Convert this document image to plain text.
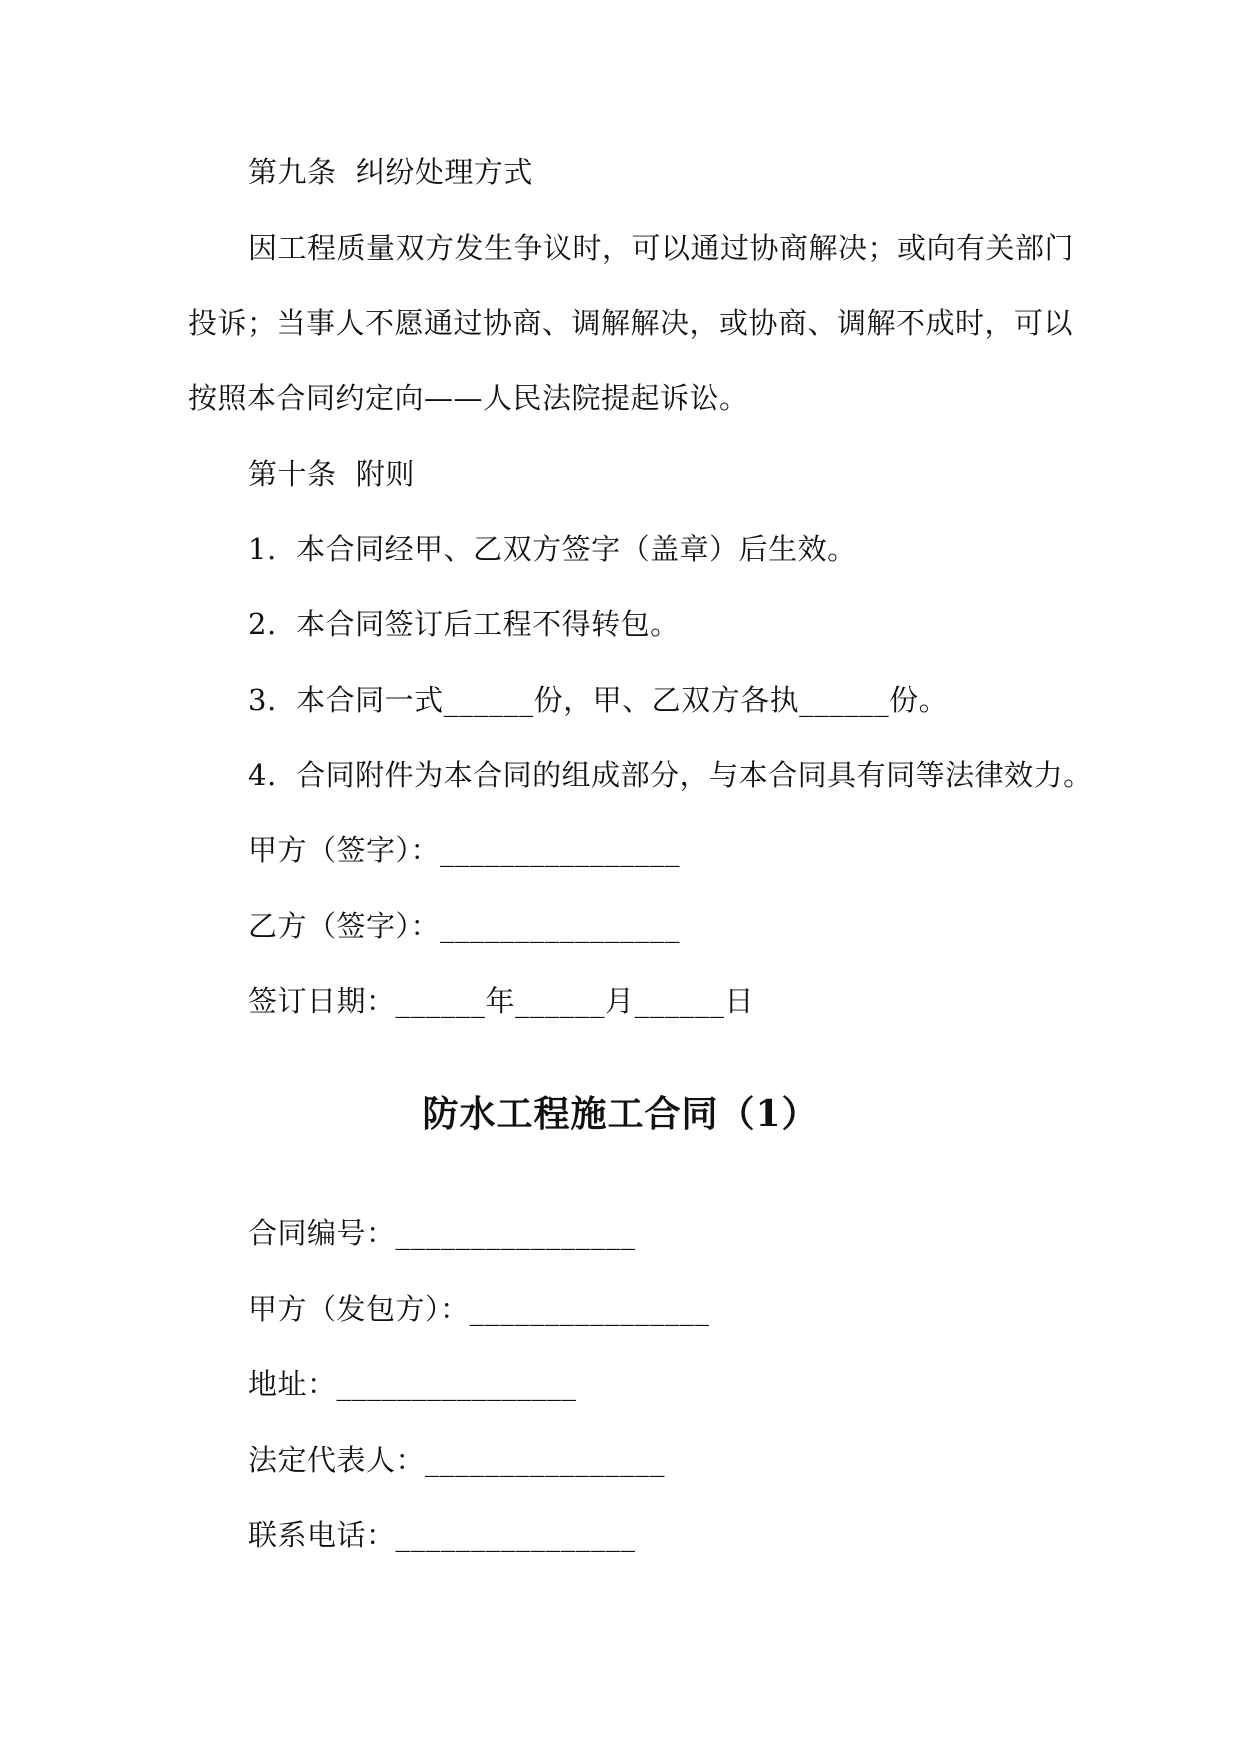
第九条  纠纷处理方式
因工程质量双方发生争议时，可以通过协商解决；或向有关部门
投诉；当事人不愿通过协商、调解解决，或协商、调解不成时，可以
按照本合同约定向——人民法院提起诉讼。
第十条  附则
1.  本合同经甲、乙双方签字（盖章）后生效。
2.  本合同签订后工程不得转包。
3.  本合同一式______份，甲、乙双方各执______份。
4.  合同附件为本合同的组成部分，与本合同具有同等法律效力。
甲方（签字）：________________
乙方（签字）：________________
签订日期：______年______月______日
防水工程施工合同（1）
合同编号：________________
甲方（发包方）：________________
地址：________________
法定代表人：________________
联系电话：________________
